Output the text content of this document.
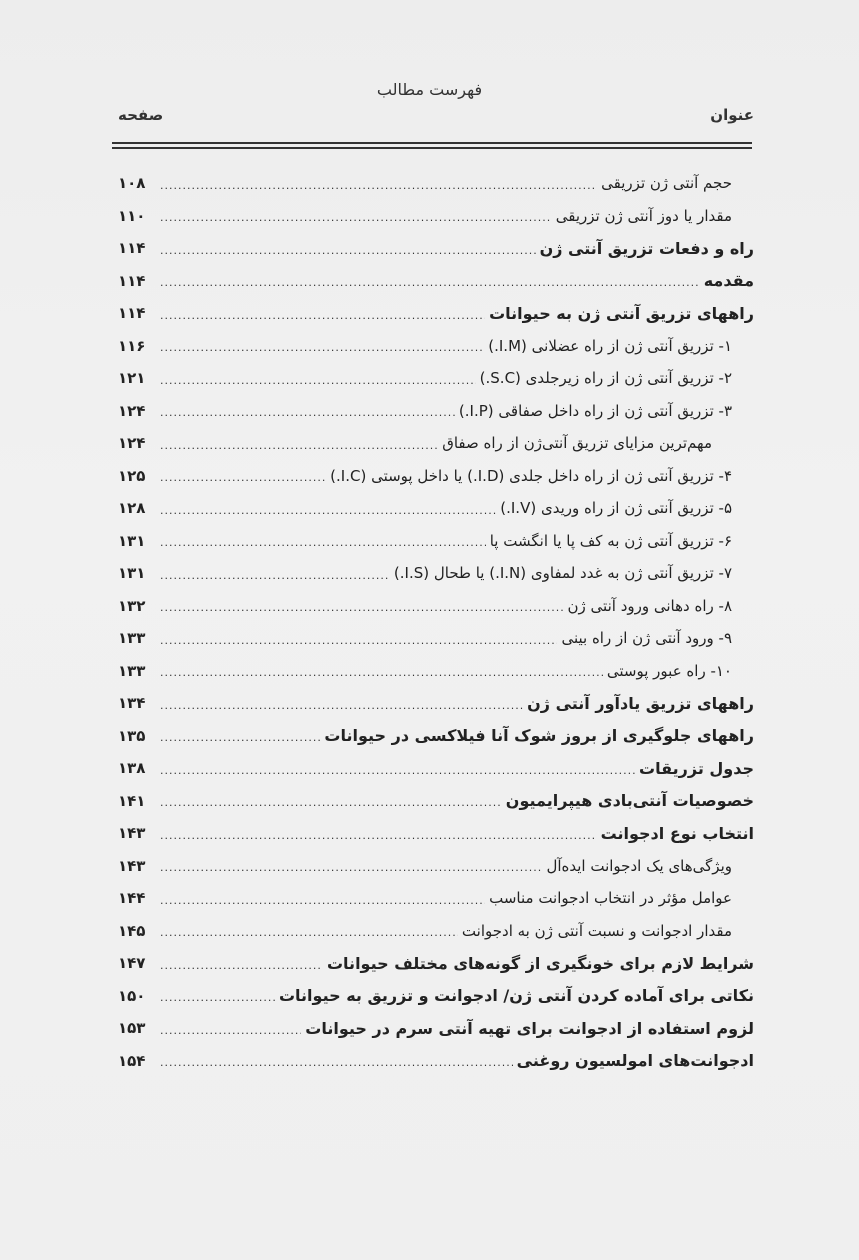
فهرست مطالب
عنوان
صفحه
حجم آنتی ژن تزریقی
.....
۱۰۸
مقدار یا دوز آنتی ژن تزریقی
.....
۱۱۰
راه و دفعات تزریق آنتی ژن
.....
۱۱۴
مقدمه
.....
۱۱۴
راههای تزریق آنتی ژن به حیوانات
.....
۱۱۴
۱- تزریق آنتی ژن از راه عضلانی (I.M.)
.....
۱۱۶
۲- تزریق آنتی ژن از راه زیرجلدی (S.C.)
.....
۱۲۱
۳- تزریق آنتی ژن از راه داخل صفاقی (I.P.)
.....
۱۲۴
مهم‌ترین مزایای تزریق آنتی‌ژن از راه صفاق
.....
۱۲۴
۴- تزریق آنتی ژن از راه داخل جلدی (I.D.) یا داخل پوستی (I.C.)
.....
۱۲۵
۵- تزریق آنتی ژن از راه وریدی (I.V.)
.....
۱۲۸
۶- تزریق آنتی ژن به کف پا یا انگشت پا
.....
۱۳۱
۷- تزریق آنتی ژن به غدد لمفاوی (I.N.) یا طحال (I.S.)
.....
۱۳۱
۸- راه دهانی ورود آنتی ژن
.....
۱۳۲
۹- ورود آنتی ژن از راه بینی
.....
۱۳۳
۱۰- راه عبور پوستی
.....
۱۳۳
راههای تزریق یادآور آنتی ژن
.....
۱۳۴
راههای جلوگیری از بروز شوک آنا فیلاکسی در حیوانات
.....
۱۳۵
جدول تزریقات
.....
۱۳۸
خصوصیات آنتی‌بادی هیپرایمیون
.....
۱۴۱
انتخاب نوع ادجوانت
.....
۱۴۳
ویژگی‌های یک ادجوانت ایده‌آل
.....
۱۴۳
عوامل مؤثر در انتخاب ادجوانت مناسب
.....
۱۴۴
مقدار ادجوانت و نسبت آنتی ژن به ادجوانت
.....
۱۴۵
شرایط لازم برای خونگیری از گونه‌های مختلف حیوانات
.....
۱۴۷
نکاتی برای آماده کردن آنتی ژن/ ادجوانت و تزریق به حیوانات
.....
۱۵۰
لزوم استفاده از ادجوانت برای تهیه آنتی سرم در حیوانات
.....
۱۵۳
ادجوانت‌های امولسیون روغنی
.....
۱۵۴
